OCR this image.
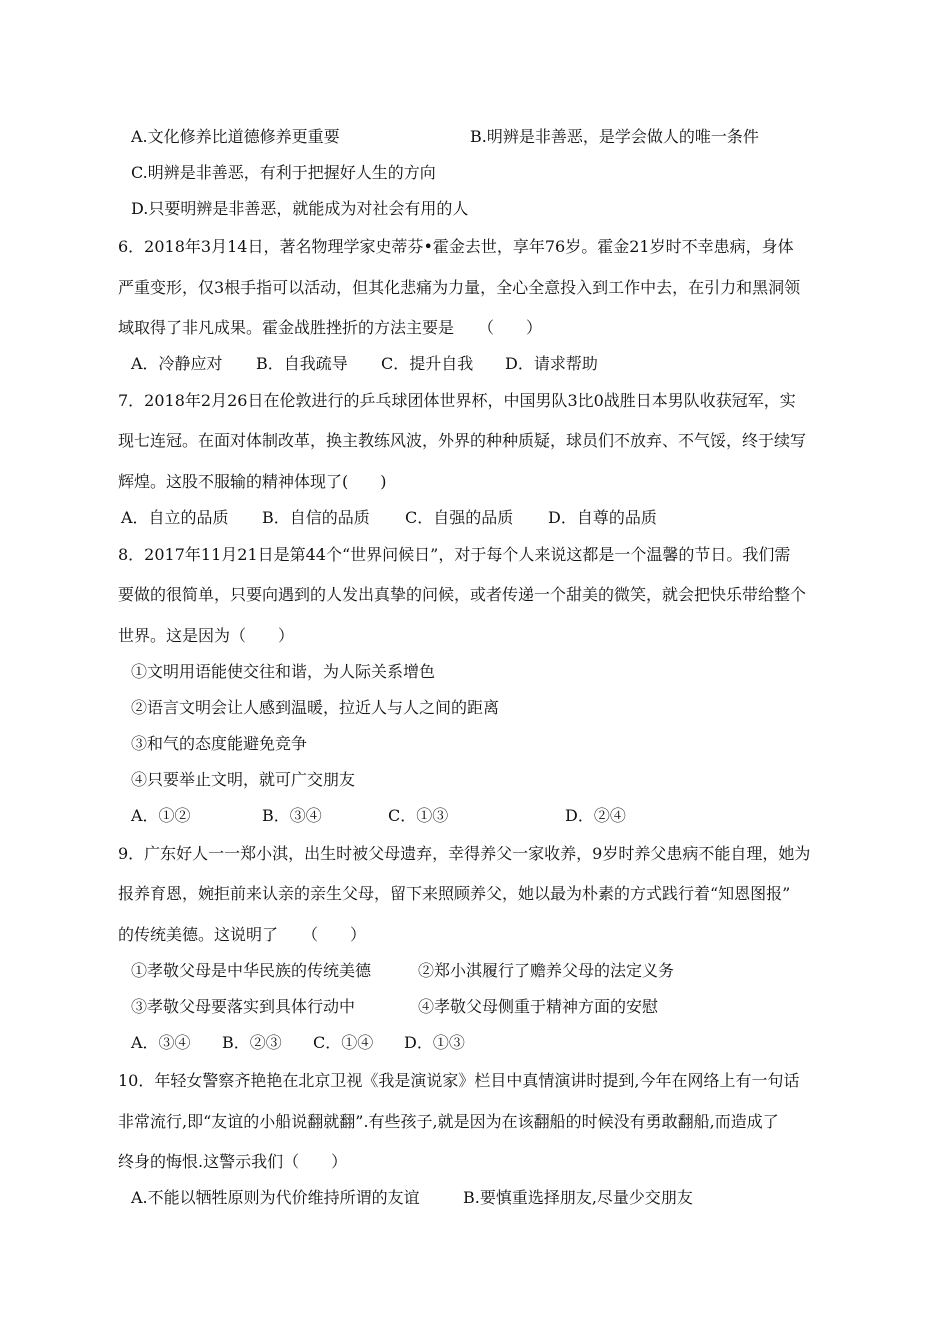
A.文化修养比道德修养更重要	B.明辨是非善恶，是学会做人的唯一条件
C.明辨是非善恶，有利于把握好人生的方向
D.只要明辨是非善恶，就能成为对社会有用的人
6．2018年3月14日，著名物理学家史蒂芬•霍金去世，享年76岁。霍金21岁时不幸患病，身体
严重变形，仅3根手指可以活动，但其化悲痛为力量，全心全意投入到工作中去，在引力和黑洞领
域取得了非凡成果。霍金战胜挫折的方法主要是　　（　　）
A．冷静应对 B．自我疏导 C．提升自我 D．请求帮助
7．2018年2月26日在伦敦进行的乒乓球团体世界杯，中国男队3比0战胜日本男队收获冠军，实
现七连冠。在面对体制改革，换主教练风波，外界的种种质疑，球员们不放弃、不气馁，终于续写
辉煌。这股不服输的精神体现了(　　)
A．自立的品质 B．自信的品质 C．自强的品质 D．自尊的品质
8．2017年11月21日是第44个“世界问候日”，对于每个人来说这都是一个温馨的节日。我们需
要做的很简单，只要向遇到的人发出真挚的问候，或者传递一个甜美的微笑，就会把快乐带给整个
世界。这是因为（　　）
①文明用语能使交往和谐，为人际关系增色
②语言文明会让人感到温暖，拉近人与人之间的距离
③和气的态度能避免竞争
④只要举止文明，就可广交朋友
A．①②	B．③④	C．①③	D．②④
9．广东好人一一郑小淇，出生时被父母遗弃，幸得养父一家收养，9岁时养父患病不能自理，她为
报养育恩，婉拒前来认亲的亲生父母，留下来照顾养父，她以最为朴素的方式践行着“知恩图报”
的传统美德。这说明了　　（　　）
①孝敬父母是中华民族的传统美德	②郑小淇履行了赡养父母的法定义务
③孝敬父母要落实到具体行动中	④孝敬父母侧重于精神方面的安慰
A．③④ B．②③ C．①④ D．①③
10．年轻女警察齐艳艳在北京卫视《我是演说家》栏目中真情演讲时提到,今年在网络上有一句话
非常流行,即“友谊的小船说翻就翻”.有些孩子,就是因为在该翻船的时候没有勇敢翻船,而造成了
终身的悔恨.这警示我们（　　）
A.不能以牺牲原则为代价维持所谓的友谊	B.要慎重选择朋友,尽量少交朋友
